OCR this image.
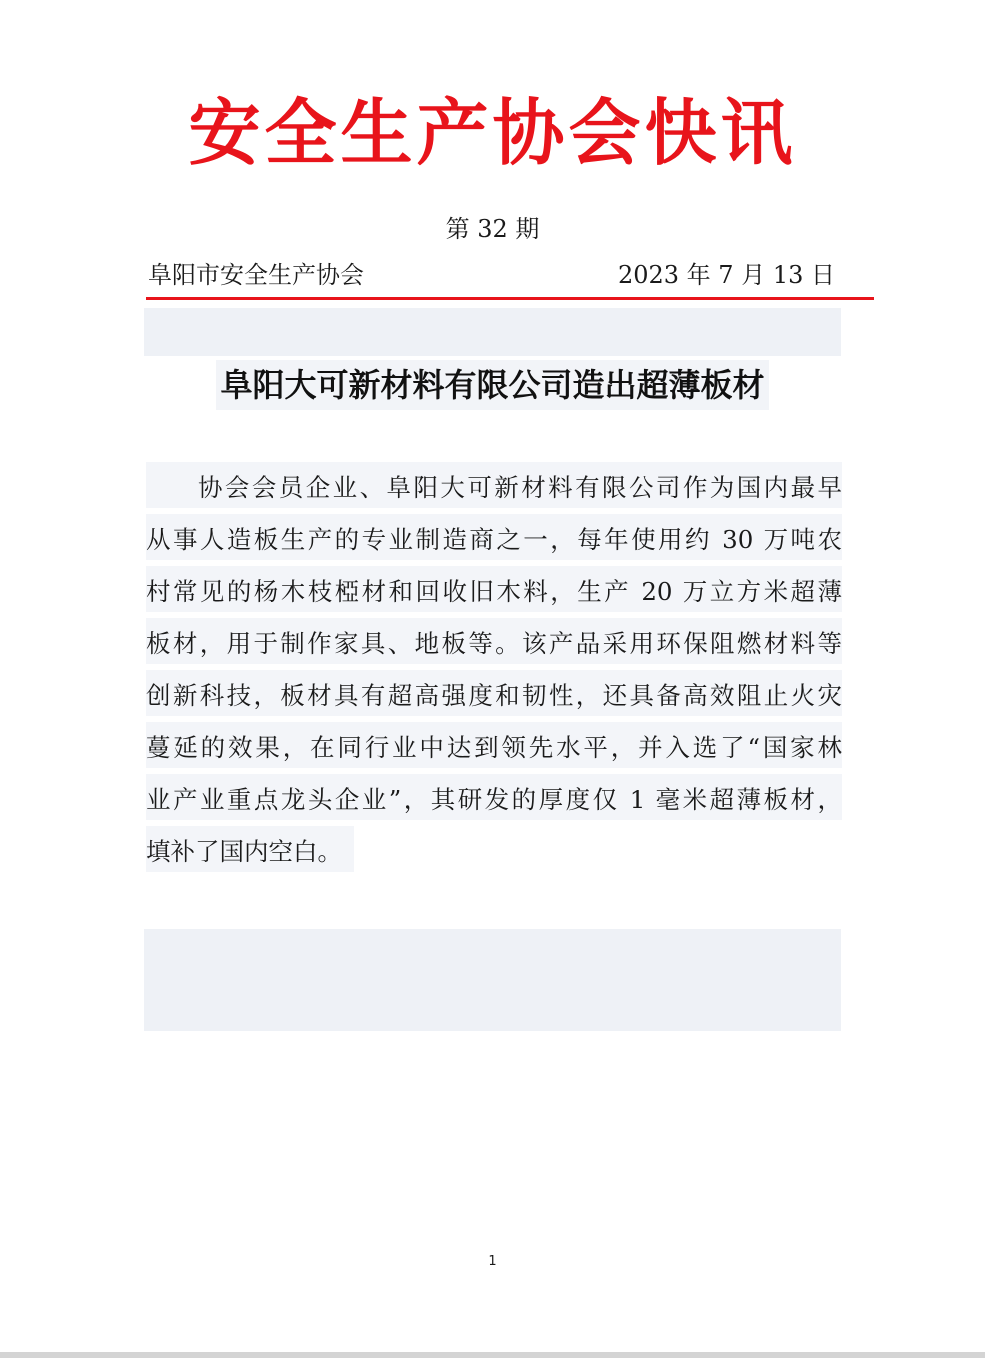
安全生产协会快讯
第 32 期
阜阳市安全生产协会	2023 年 7 月 13 日
阜阳大可新材料有限公司造出超薄板材
协会会员企业、阜阳大可新材料有限公司作为国内最早
从事人造板生产的专业制造商之一，每年使用约 30 万吨农
村常见的杨木枝椏材和回收旧木料，生产 20 万立方米超薄
板材，用于制作家具、地板等。该产品采用环保阻燃材料等
创新科技，板材具有超高强度和韧性，还具备高效阻止火灾
蔓延的效果，在同行业中达到领先水平，并入选了“国家林
业产业重点龙头企业”，其研发的厚度仅 1 毫米超薄板材，
填补了国内空白。
1
